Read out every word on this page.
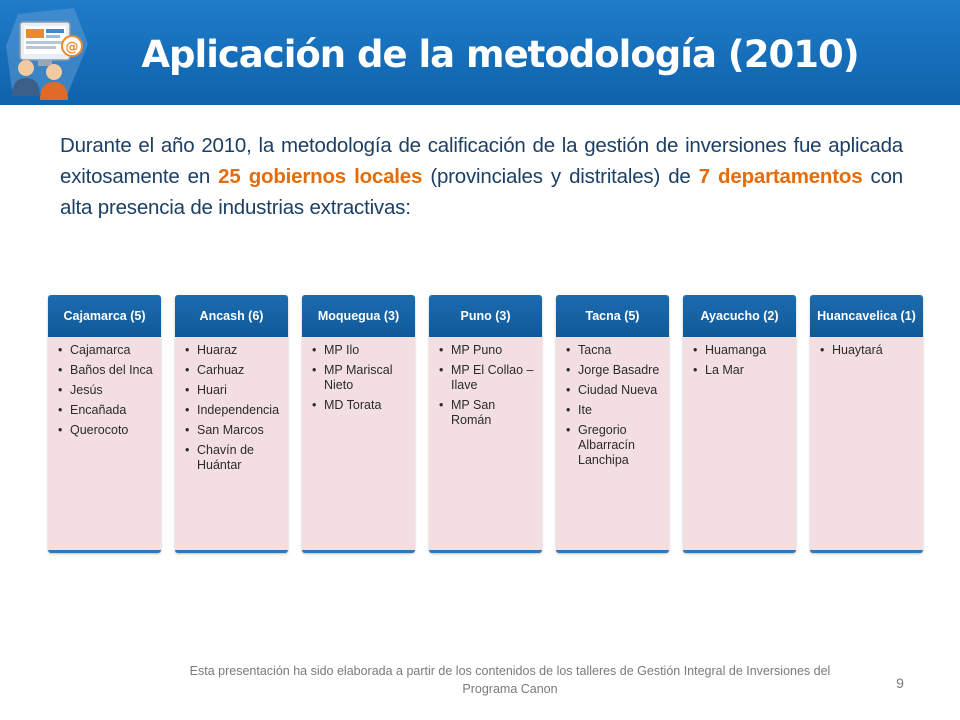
@	Aplicación de la metodología (2010)
Durante el año 2010, la metodología de calificación de la gestión de inversiones fue aplicada exitosamente en 25 gobiernos locales (provinciales y distritales) de 7 departamentos con alta presencia de industrias extractivas:
Cajamarca (5)
• Cajamarca
• Baños del Inca
• Jesús
• Encañada
• Querocoto
Ancash (6)
• Huaraz
• Carhuaz
• Huari
• Independencia
• San Marcos
• Chavín de Huántar
Moquegua (3)
• MP Ilo
• MP Mariscal Nieto
• MD Torata
Puno (3)
• MP Puno
• MP El Collao – Ilave
• MP San Román
Tacna (5)
• Tacna
• Jorge Basadre
• Ciudad Nueva
• Ite
• Gregorio Albarracín Lanchipa
Ayacucho (2)
• Huamanga
• La Mar
Huancavelica (1)
• Huaytará
Esta presentación ha sido elaborada a partir de los contenidos de los talleres de Gestión Integral de Inversiones del Programa Canon	9
